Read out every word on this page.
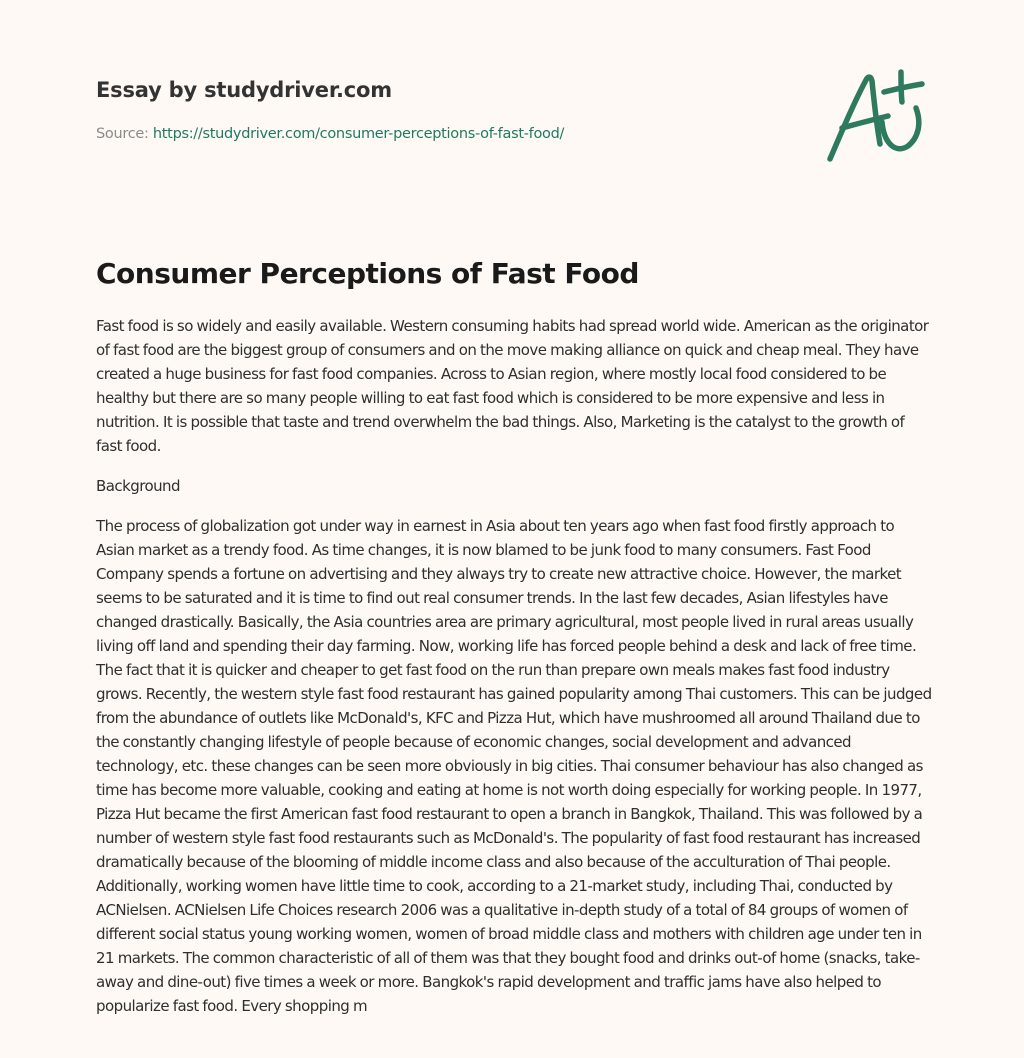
Essay by studydriver.com
Source: https://studydriver.com/consumer-perceptions-of-fast-food/
Consumer Perceptions of Fast Food

Fast food is so widely and easily available. Western consuming habits had spread world wide. American as the originator of fast food are the biggest group of consumers and on the move making alliance on quick and cheap meal. They have created a huge business for fast food companies. Across to Asian region, where mostly local food considered to be healthy but there are so many people willing to eat fast food which is considered to be more expensive and less in nutrition. It is possible that taste and trend overwhelm the bad things. Also, Marketing is the catalyst to the growth of fast food.

Background

The process of globalization got under way in earnest in Asia about ten years ago when fast food firstly approach to Asian market as a trendy food. As time changes, it is now blamed to be junk food to many consumers. Fast Food Company spends a fortune on advertising and they always try to create new attractive choice. However, the market seems to be saturated and it is time to find out real consumer trends. In the last few decades, Asian lifestyles have changed drastically. Basically, the Asia countries area are primary agricultural, most people lived in rural areas usually living off land and spending their day farming. Now, working life has forced people behind a desk and lack of free time. The fact that it is quicker and cheaper to get fast food on the run than prepare own meals makes fast food industry grows. Recently, the western style fast food restaurant has gained popularity among Thai customers. This can be judged from the abundance of outlets like McDonald's, KFC and Pizza Hut, which have mushroomed all around Thailand due to the constantly changing lifestyle of people because of economic changes, social development and advanced technology, etc. these changes can be seen more obviously in big cities. Thai consumer behaviour has also changed as time has become more valuable, cooking and eating at home is not worth doing especially for working people. In 1977, Pizza Hut became the first American fast food restaurant to open a branch in Bangkok, Thailand. This was followed by a number of western style fast food restaurants such as McDonald's. The popularity of fast food restaurant has increased dramatically because of the blooming of middle income class and also because of the acculturation of Thai people. Additionally, working women have little time to cook, according to a 21-market study, including Thai, conducted by ACNielsen. ACNielsen Life Choices research 2006 was a qualitative in-depth study of a total of 84 groups of women of different social status young working women, women of broad middle class and mothers with children age under ten in 21 markets. The common characteristic of all of them was that they bought food and drinks out-of home (snacks, take-away and dine-out) five times a week or more. Bangkok's rapid development and traffic jams have also helped to popularize fast food. Every shopping m
